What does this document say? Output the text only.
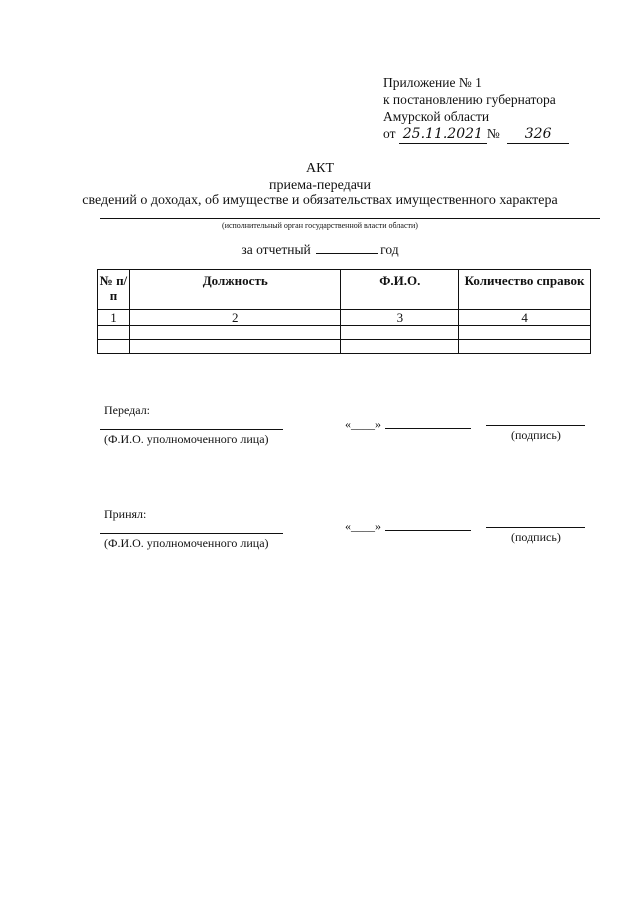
Приложение № 1
к постановлению губернатора
Амурской области
от 25.11.2021 № 326
АКТ
приема-передачи
сведений о доходах, об имуществе и обязательствах имущественного характера
(исполнительный орган государственной власти области)
за отчетный	год
№ п/п	Должность	Ф.И.О.	Количество справок
1	2	3	4

Передал:
«____»
(Ф.И.О. уполномоченного лица)	(подпись)
Принял:
«____»
(Ф.И.О. уполномоченного лица)	(подпись)
